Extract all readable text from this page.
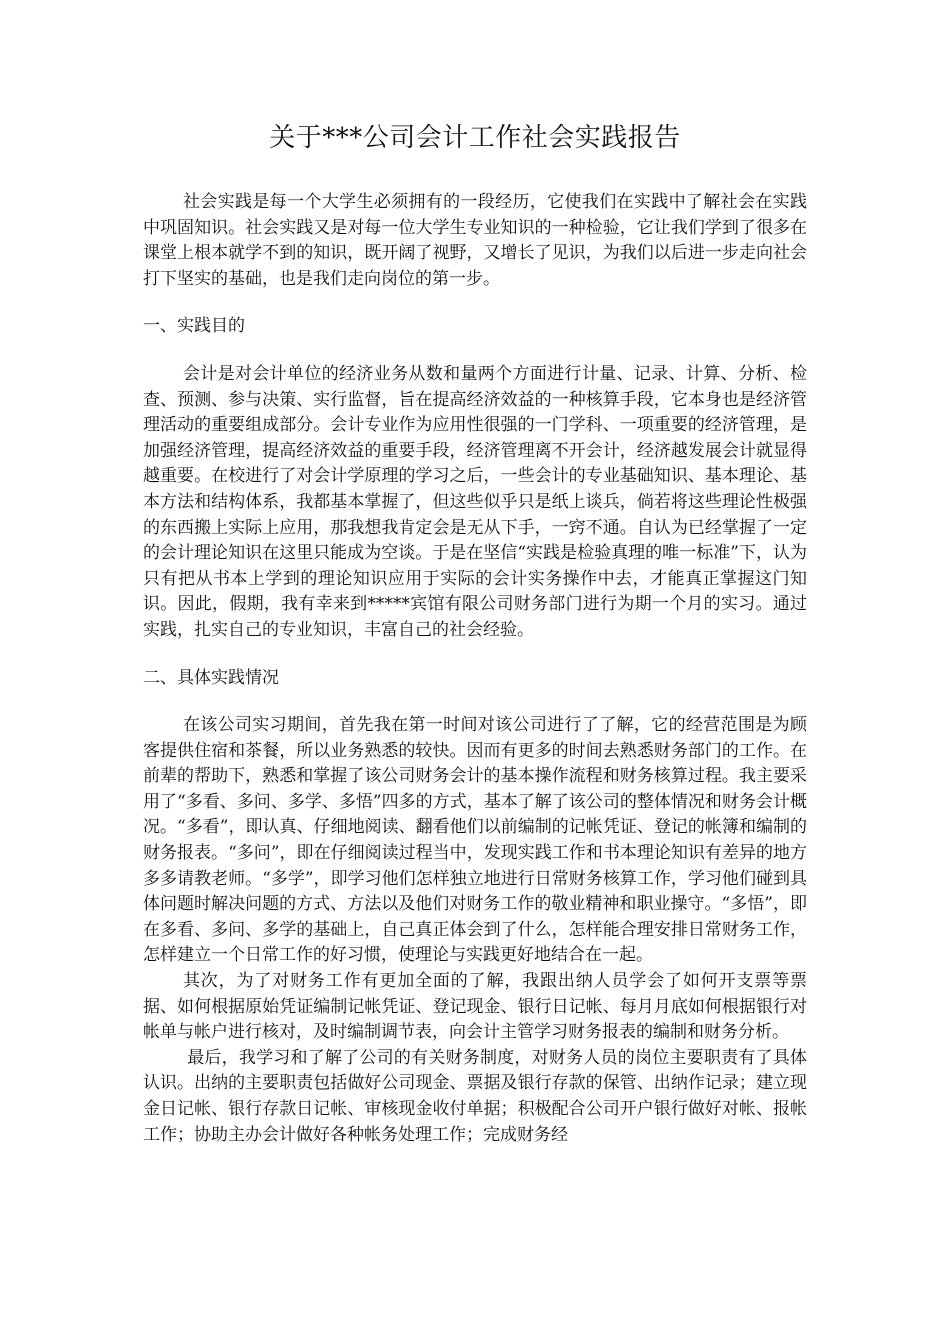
关于***公司会计工作社会实践报告

社会实践是每一个大学生必须拥有的一段经历，它使我们在实践中了解社会在实践中巩固知识。社会实践又是对每一位大学生专业知识的一种检验，它让我们学到了很多在课堂上根本就学不到的知识，既开阔了视野，又增长了见识，为我们以后进一步走向社会打下坚实的基础，也是我们走向岗位的第一步。

一、实践目的

会计是对会计单位的经济业务从数和量两个方面进行计量、记录、计算、分析、检查、预测、参与决策、实行监督，旨在提高经济效益的一种核算手段，它本身也是经济管理活动的重要组成部分。会计专业作为应用性很强的一门学科、一项重要的经济管理，是加强经济管理，提高经济效益的重要手段，经济管理离不开会计，经济越发展会计就显得越重要。在校进行了对会计学原理的学习之后，一些会计的专业基础知识、基本理论、基本方法和结构体系，我都基本掌握了，但这些似乎只是纸上谈兵，倘若将这些理论性极强的东西搬上实际上应用，那我想我肯定会是无从下手，一窍不通。自认为已经掌握了一定的会计理论知识在这里只能成为空谈。于是在坚信“实践是检验真理的唯一标准”下，认为只有把从书本上学到的理论知识应用于实际的会计实务操作中去，才能真正掌握这门知识。因此，假期，我有幸来到*****宾馆有限公司财务部门进行为期一个月的实习。通过实践，扎实自己的专业知识，丰富自己的社会经验。

二、具体实践情况

在该公司实习期间，首先我在第一时间对该公司进行了了解，它的经营范围是为顾客提供住宿和茶餐，所以业务熟悉的较快。因而有更多的时间去熟悉财务部门的工作。在前辈的帮助下，熟悉和掌握了该公司财务会计的基本操作流程和财务核算过程。我主要采用了“多看、多问、多学、多悟”四多的方式，基本了解了该公司的整体情况和财务会计概况。“多看”，即认真、仔细地阅读、翻看他们以前编制的记帐凭证、登记的帐簿和编制的财务报表。“多问”，即在仔细阅读过程当中，发现实践工作和书本理论知识有差异的地方多多请教老师。“多学”，即学习他们怎样独立地进行日常财务核算工作，学习他们碰到具体问题时解决问题的方式、方法以及他们对财务工作的敬业精神和职业操守。“多悟”，即在多看、多问、多学的基础上，自己真正体会到了什么，怎样能合理安排日常财务工作，怎样建立一个日常工作的好习惯，使理论与实践更好地结合在一起。

其次，为了对财务工作有更加全面的了解，我跟出纳人员学会了如何开支票等票据、如何根据原始凭证编制记帐凭证、登记现金、银行日记帐、每月月底如何根据银行对帐单与帐户进行核对，及时编制调节表，向会计主管学习财务报表的编制和财务分析。

最后，我学习和了解了公司的有关财务制度，对财务人员的岗位主要职责有了具体认识。出纳的主要职责包括做好公司现金、票据及银行存款的保管、出纳作记录；建立现金日记帐、银行存款日记帐、审核现金收付单据；积极配合公司开户银行做好对帐、报帐工作；协助主办会计做好各种帐务处理工作；完成财务经
